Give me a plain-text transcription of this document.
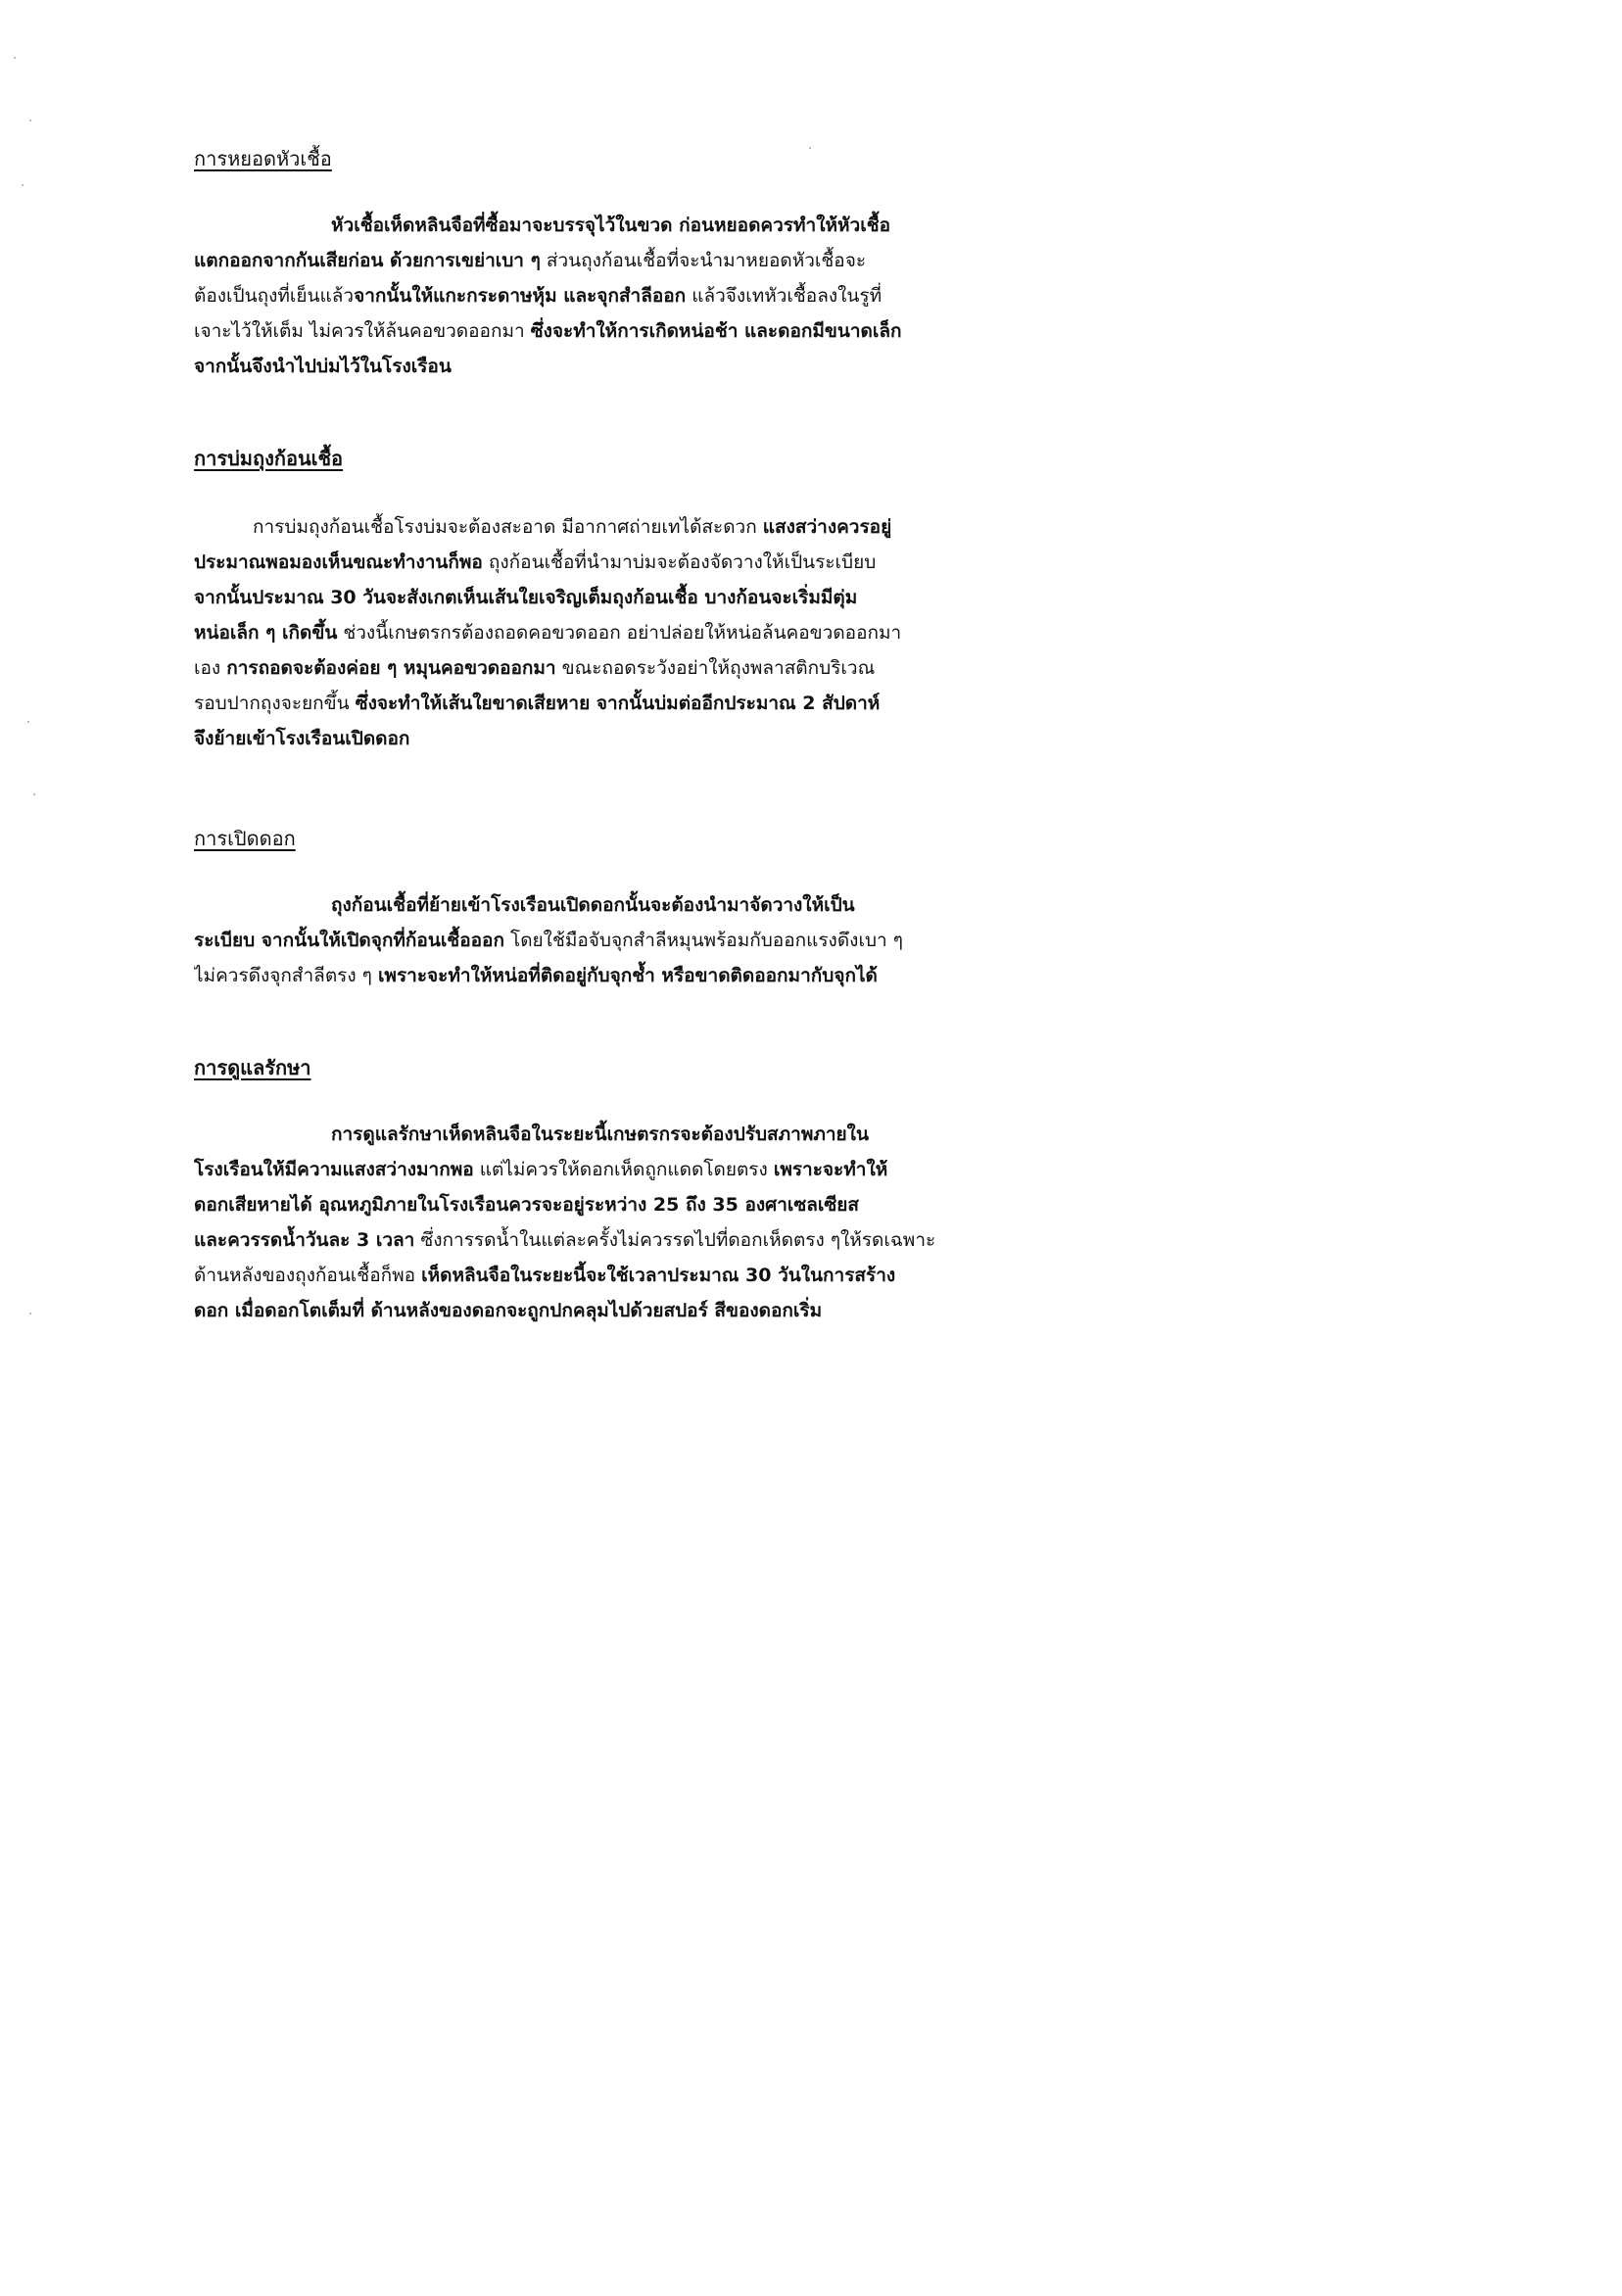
การหยอดหัวเชื้อ
หัวเชื้อเห็ดหลินจือที่ซื้อมาจะบรรจุไว้ในขวด ก่อนหยอดควรทำให้หัวเชื้อ
แตกออกจากกันเสียก่อน ด้วยการเขย่าเบา ๆ ส่วนถุงก้อนเชื้อที่จะนำมาหยอดหัวเชื้อจะ
ต้องเป็นถุงที่เย็นแล้วจากนั้นให้แกะกระดาษหุ้ม และจุกสำลีออก แล้วจึงเทหัวเชื้อลงในรูที่
เจาะไว้ให้เต็ม ไม่ควรให้ล้นคอขวดออกมา ซึ่งจะทำให้การเกิดหน่อช้า และดอกมีขนาดเล็ก
จากนั้นจึงนำไปบ่มไว้ในโรงเรือน
การบ่มถุงก้อนเชื้อ
การบ่มถุงก้อนเชื้อโรงบ่มจะต้องสะอาด มีอากาศถ่ายเทได้สะดวก แสงสว่างควรอยู่
ประมาณพอมองเห็นขณะทำงานก็พอ ถุงก้อนเชื้อที่นำมาบ่มจะต้องจัดวางให้เป็นระเบียบ
จากนั้นประมาณ 30 วันจะสังเกตเห็นเส้นใยเจริญเต็มถุงก้อนเชื้อ บางก้อนจะเริ่มมีตุ่ม
หน่อเล็ก ๆ เกิดขึ้น ช่วงนี้เกษตรกรต้องถอดคอขวดออก อย่าปล่อยให้หน่อล้นคอขวดออกมา
เอง การถอดจะต้องค่อย ๆ หมุนคอขวดออกมา ขณะถอดระวังอย่าให้ถุงพลาสติกบริเวณ
รอบปากถุงจะยกขึ้น ซึ่งจะทำให้เส้นใยขาดเสียหาย จากนั้นบ่มต่ออีกประมาณ 2 สัปดาห์
จึงย้ายเข้าโรงเรือนเปิดดอก
การเปิดดอก
ถุงก้อนเชื้อที่ย้ายเข้าโรงเรือนเปิดดอกนั้นจะต้องนำมาจัดวางให้เป็น
ระเบียบ จากนั้นให้เปิดจุกที่ก้อนเชื้อออก โดยใช้มือจับจุกสำลีหมุนพร้อมกับออกแรงดึงเบา ๆ
ไม่ควรดึงจุกสำลีตรง ๆ เพราะจะทำให้หน่อที่ติดอยู่กับจุกช้ำ หรือขาดติดออกมากับจุกได้
การดูแลรักษา
การดูแลรักษาเห็ดหลินจือในระยะนี้เกษตรกรจะต้องปรับสภาพภายใน
โรงเรือนให้มีความแสงสว่างมากพอ แต่ไม่ควรให้ดอกเห็ดถูกแดดโดยตรง เพราะจะทำให้
ดอกเสียหายได้ อุณหภูมิภายในโรงเรือนควรจะอยู่ระหว่าง 25 ถึง 35 องศาเซลเซียส
และควรรดน้ำวันละ 3 เวลา ซึ่งการรดน้ำในแต่ละครั้งไม่ควรรดไปที่ดอกเห็ดตรง ๆให้รดเฉพาะ
ด้านหลังของถุงก้อนเชื้อก็พอ เห็ดหลินจือในระยะนี้จะใช้เวลาประมาณ 30 วันในการสร้าง
ดอก เมื่อดอกโตเต็มที่ ด้านหลังของดอกจะถูกปกคลุมไปด้วยสปอร์ สีของดอกเริ่ม
